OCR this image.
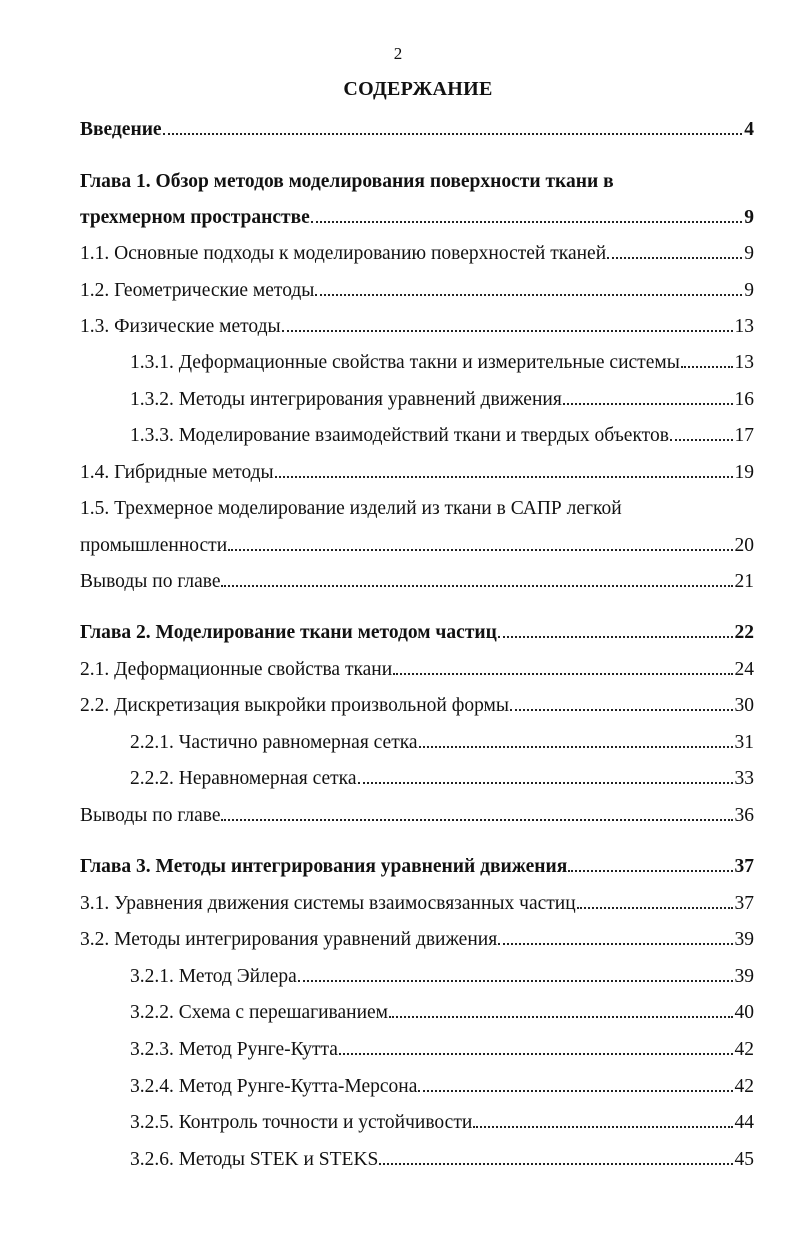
2
СОДЕРЖАНИЕ
Введение	4
Глава 1. Обзор методов моделирования поверхности ткани в
трехмерном пространстве	9
1.1. Основные подходы к моделированию поверхностей тканей	9
1.2. Геометрические методы	9
1.3. Физические методы	13
1.3.1. Деформационные свойства такни и измерительные системы	13
1.3.2. Методы интегрирования уравнений движения	16
1.3.3. Моделирование взаимодействий ткани и твердых объектов	17
1.4. Гибридные методы	19
1.5. Трехмерное моделирование изделий из ткани в САПР легкой
промышленности	20
Выводы по главе	21
Глава 2. Моделирование ткани методом частиц	22
2.1. Деформационные свойства ткани	24
2.2. Дискретизация выкройки произвольной формы	30
2.2.1. Частично равномерная сетка	31
2.2.2. Неравномерная сетка	33
Выводы по главе	36
Глава 3. Методы интегрирования уравнений движения	37
3.1. Уравнения движения системы взаимосвязанных частиц	37
3.2. Методы интегрирования уравнений движения	39
3.2.1. Метод Эйлера	39
3.2.2. Схема с перешагиванием	40
3.2.3. Метод Рунге-Кутта	42
3.2.4. Метод Рунге-Кутта-Мерсона	42
3.2.5. Контроль точности и устойчивости	44
3.2.6. Методы STEK и STEKS	45
